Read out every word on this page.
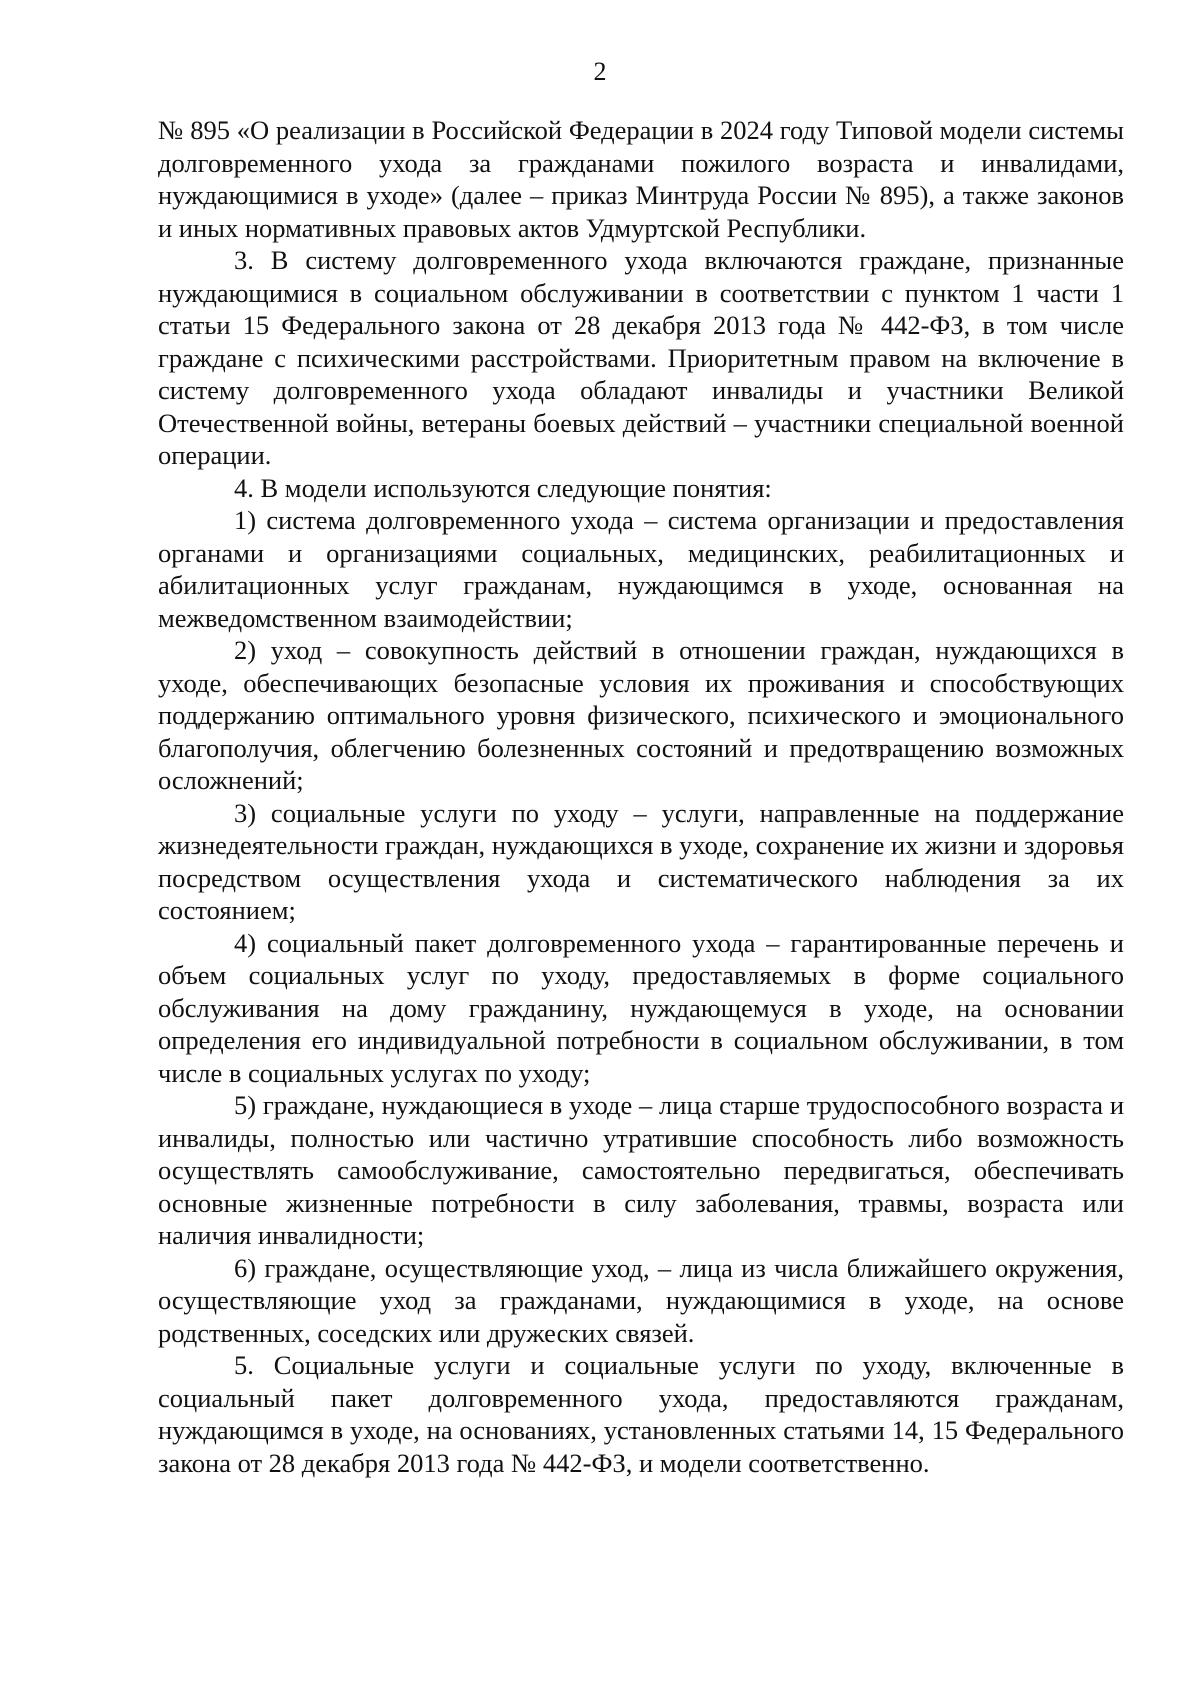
2

№ 895 «О реализации в Российской Федерации в 2024 году Типовой модели системы долговременного ухода за гражданами пожилого возраста и инвалидами, нуждающимися в уходе» (далее – приказ Минтруда России № 895), а также законов и иных нормативных правовых актов Удмуртской Республики.

3. В систему долговременного ухода включаются граждане, признанные нуждающимися в социальном обслуживании в соответствии с пунктом 1 части 1 статьи 15 Федерального закона от 28 декабря 2013 года № 442-ФЗ, в том числе граждане с психическими расстройствами. Приоритетным правом на включение в систему долговременного ухода обладают инвалиды и участники Великой Отечественной войны, ветераны боевых действий – участники специальной военной операции.

4. В модели используются следующие понятия:

1) система долговременного ухода – система организации и предоставления органами и организациями социальных, медицинских, реабилитационных и абилитационных услуг гражданам, нуждающимся в уходе, основанная на межведомственном взаимодействии;

2) уход – совокупность действий в отношении граждан, нуждающихся в уходе, обеспечивающих безопасные условия их проживания и способствующих поддержанию оптимального уровня физического, психического и эмоционального благополучия, облегчению болезненных состояний и предотвращению возможных осложнений;

3) социальные услуги по уходу – услуги, направленные на поддержание жизнедеятельности граждан, нуждающихся в уходе, сохранение их жизни и здоровья посредством осуществления ухода и систематического наблюдения за их состоянием;

4) социальный пакет долговременного ухода – гарантированные перечень и объем социальных услуг по уходу, предоставляемых в форме социального обслуживания на дому гражданину, нуждающемуся в уходе, на основании определения его индивидуальной потребности в социальном обслуживании, в том числе в социальных услугах по уходу;

5) граждане, нуждающиеся в уходе – лица старше трудоспособного возраста и инвалиды, полностью или частично утратившие способность либо возможность осуществлять самообслуживание, самостоятельно передвигаться, обеспечивать основные жизненные потребности в силу заболевания, травмы, возраста или наличия инвалидности;

6) граждане, осуществляющие уход, – лица из числа ближайшего окружения, осуществляющие уход за гражданами, нуждающимися в уходе, на основе родственных, соседских или дружеских связей.

5. Социальные услуги и социальные услуги по уходу, включенные в социальный пакет долговременного ухода, предоставляются гражданам, нуждающимся в уходе, на основаниях, установленных статьями 14, 15 Федерального закона от 28 декабря 2013 года № 442-ФЗ, и модели соответственно.
